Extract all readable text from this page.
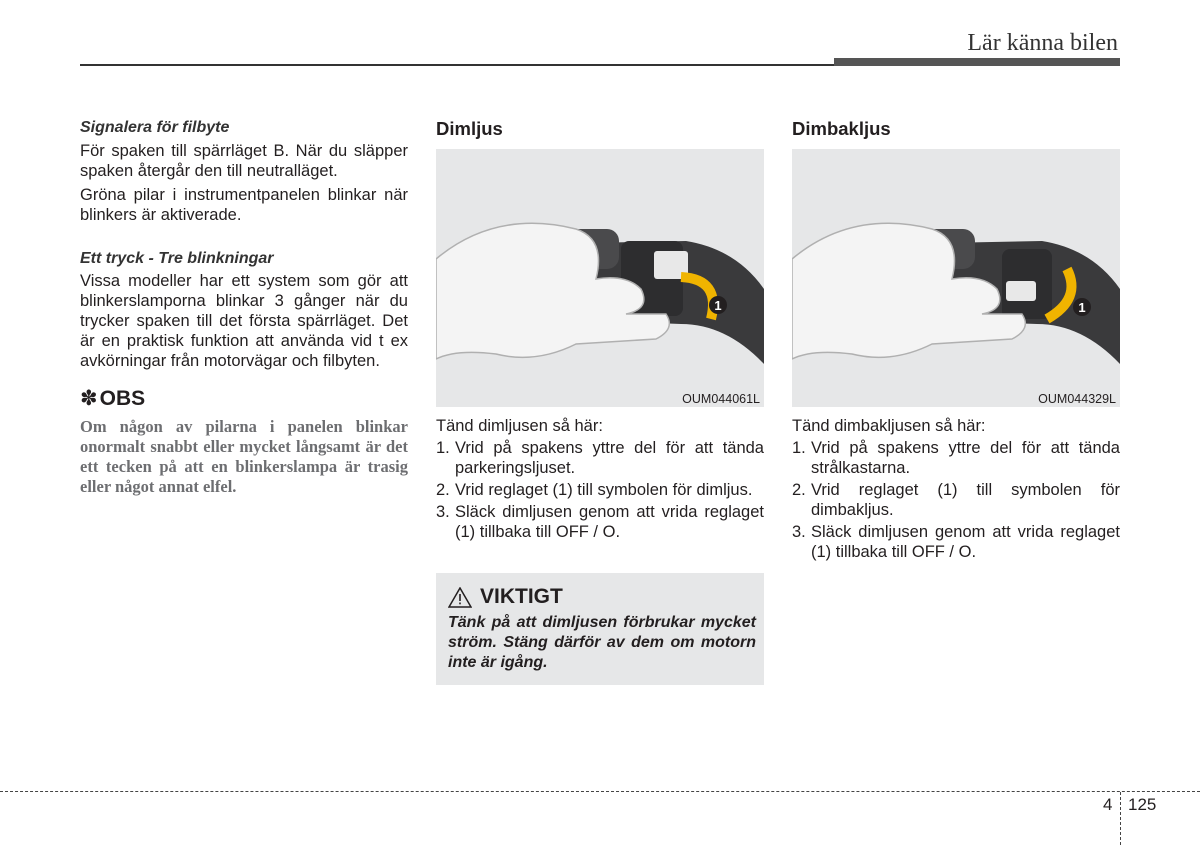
Lär känna bilen

Signalera för filbyte

För spaken till spärrläget B. När du släpper spaken återgår den till neutralläget.

Gröna pilar i instrumentpanelen blinkar när blinkers är aktiverade.

Ett tryck - Tre blinkningar

Vissa modeller har ett system som gör att blinkerslamporna blinkar 3 gånger när du trycker spaken till det första spärrläget. Det är en praktisk funktion att använda vid t ex avkörningar från motorvägar och filbyten.

✽ OBS

Om någon av pilarna i panelen blinkar onormalt snabbt eller mycket långsamt är det ett tecken på att en blinkerslampa är trasig eller något annat elfel.

Dimljus
1
OUM044061L

Tänd dimljusen så här:

1. Vrid på spakens yttre del för att tända parkeringsljuset.
2. Vrid reglaget (1) till symbolen för dimljus.
3. Släck dimljusen genom att vrida reglaget (1) tillbaka till OFF / O.
VIKTIGT

Tänk på att dimljusen förbrukar mycket ström. Stäng därför av dem om motorn inte är igång.

Dimbakljus
1
OUM044329L

Tänd dimbakljusen så här:

1. Vrid på spakens yttre del för att tända strålkastarna.
2. Vrid reglaget (1) till symbolen för dimbakljus.
3. Släck dimljusen genom att vrida reglaget (1) tillbaka till OFF / O.
4 125
